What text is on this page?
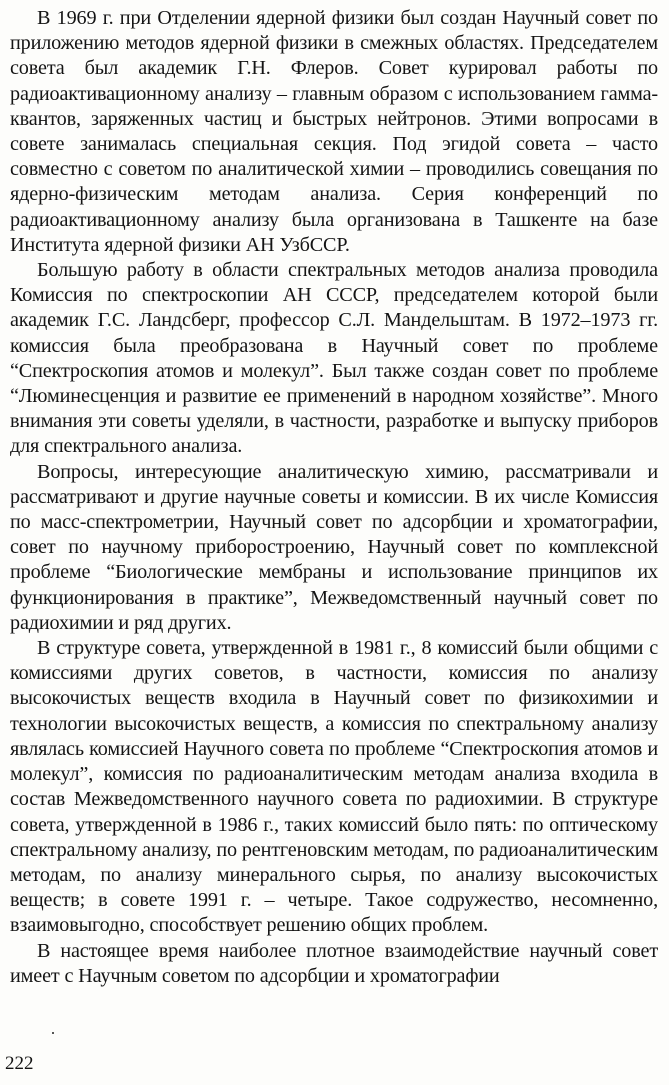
В 1969 г. при Отделении ядерной физики был создан Научный совет по приложению методов ядерной физики в смежных областях. Председателем совета был академик Г.Н. Флеров. Совет курировал работы по радиоактивационному анализу – главным образом с использованием гамма-квантов, заряженных частиц и быстрых нейтронов. Этими вопросами в совете занималась специальная секция. Под эгидой совета – часто совместно с советом по аналитической химии – проводились совещания по ядерно-физическим методам анализа. Серия конференций по радиоактивационному анализу была организована в Ташкенте на базе Института ядерной физики АН УзбССР.

Большую работу в области спектральных методов анализа проводила Комиссия по спектроскопии АН СССР, председателем которой были академик Г.С. Ландсберг, профессор С.Л. Мандельштам. В 1972–1973 гг. комиссия была преобразована в Научный совет по проблеме “Спектроскопия атомов и молекул”. Был также создан совет по проблеме “Люминесценция и развитие ее применений в народном хозяйстве”. Много внимания эти советы уделяли, в частности, разработке и выпуску приборов для спектрального анализа.

Вопросы, интересующие аналитическую химию, рассматривали и рассматривают и другие научные советы и комиссии. В их числе Комиссия по масс-спектрометрии, Научный совет по адсорбции и хроматографии, совет по научному приборостроению, Научный совет по комплексной проблеме “Биологические мембраны и использование принципов их функционирования в практике”, Межведомственный научный совет по радиохимии и ряд других.

В структуре совета, утвержденной в 1981 г., 8 комиссий были общими с комиссиями других советов, в частности, комиссия по анализу высокочистых веществ входила в Научный совет по физикохимии и технологии высокочистых веществ, а комиссия по спектральному анализу являлась комиссией Научного совета по проблеме “Спектроскопия атомов и молекул”, комиссия по радиоаналитическим методам анализа входила в состав Межведомственного научного совета по радиохимии. В структуре совета, утвержденной в 1986 г., таких комиссий было пять: по оптическому спектральному анализу, по рентгеновским методам, по радиоаналитическим методам, по анализу минерального сырья, по анализу высокочистых веществ; в совете 1991 г. – четыре. Такое содружество, несомненно, взаимовыгодно, способствует решению общих проблем.

В настоящее время наиболее плотное взаимодействие научный совет имеет с Научным советом по адсорбции и хроматографии

222
